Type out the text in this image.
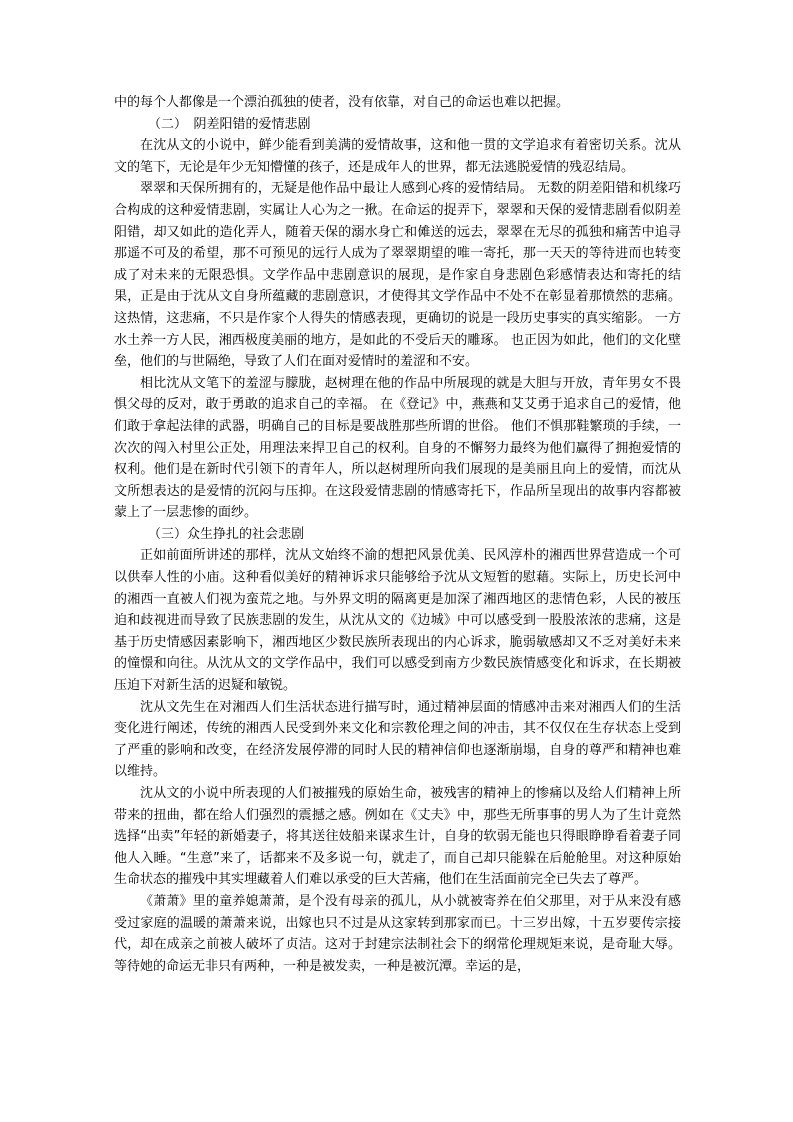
中的每个人都像是一个漂泊孤独的使者，没有依靠，对自己的命运也难以把握。

（二）　阴差阳错的爱情悲剧

在沈从文的小说中，鲜少能看到美满的爱情故事，这和他一贯的文学追求有着密切关系。沈从文的笔下，无论是年少无知懵懂的孩子，还是成年人的世界，都无法逃脱爱情的残忍结局。

翠翠和天保所拥有的，无疑是他作品中最让人感到心疼的爱情结局。 无数的阴差阳错和机缘巧合构成的这种爱情悲剧，实属让人心为之一揪。在命运的捉弄下，翠翠和天保的爱情悲剧看似阴差阳错，却又如此的造化弄人，随着天保的溺水身亡和傩送的远去，翠翠在无尽的孤独和痛苦中追寻那遥不可及的希望，那不可预见的远行人成为了翠翠期望的唯一寄托，那一天天的等待进而也转变成了对未来的无限恐惧。文学作品中悲剧意识的展现，是作家自身悲剧色彩感情表达和寄托的结果，正是由于沈从文自身所蕴藏的悲剧意识，才使得其文学作品中不处不在彰显着那愤然的悲痛。这热情，这悲痛，不只是作家个人得失的情感表现，更确切的说是一段历史事实的真实缩影。 一方水土养一方人民，湘西极度美丽的地方，是如此的不受后天的雕琢。 也正因为如此，他们的文化壁垒，他们的与世隔绝，导致了人们在面对爱情时的羞涩和不安。

相比沈从文笔下的羞涩与朦胧，赵树理在他的作品中所展现的就是大胆与开放，青年男女不畏惧父母的反对，敢于勇敢的追求自己的幸福。 在《登记》中，燕燕和艾艾勇于追求自己的爱情，他们敢于拿起法律的武器，明确自己的目标是要战胜那些所谓的世俗。 他们不惧那鞋繁琐的手续，一次次的闯入村里公正处，用理法来捍卫自己的权利。自身的不懈努力最终为他们赢得了拥抱爱情的权利。他们是在新时代引领下的青年人，所以赵树理所向我们展现的是美丽且向上的爱情，而沈从文所想表达的是爱情的沉闷与压抑。在这段爱情悲剧的情感寄托下，作品所呈现出的故事内容都被蒙上了一层悲惨的面纱。

（三）众生挣扎的社会悲剧

正如前面所讲述的那样，沈从文始终不渝的想把风景优美、民风淳朴的湘西世界营造成一个可以供奉人性的小庙。这种看似美好的精神诉求只能够给予沈从文短暂的慰藉。实际上，历史长河中的湘西一直被人们视为蛮荒之地。与外界文明的隔离更是加深了湘西地区的悲情色彩，人民的被压迫和歧视进而导致了民族悲剧的发生，从沈从文的《边城》中可以感受到一股股浓浓的悲痛，这是基于历史情感因素影响下，湘西地区少数民族所表现出的内心诉求，脆弱敏感却又不乏对美好未来的憧憬和向往。从沈从文的文学作品中，我们可以感受到南方少数民族情感变化和诉求，在长期被压迫下对新生活的迟疑和敏锐。

沈从文先生在对湘西人们生活状态进行描写时，通过精神层面的情感冲击来对湘西人们的生活变化进行阐述，传统的湘西人民受到外来文化和宗教伦理之间的冲击，其不仅仅在生存状态上受到了严重的影响和改变，在经济发展停滞的同时人民的精神信仰也逐渐崩塌，自身的尊严和精神也难以维持。

沈从文的小说中所表现的人们被摧残的原始生命，被残害的精神上的惨痛以及给人们精神上所带来的扭曲，都在给人们强烈的震撼之感。例如在《丈夫》中，那些无所事事的男人为了生计竟然选择“出卖”年轻的新婚妻子，将其送往妓船来谋求生计，自身的软弱无能也只得眼睁睁看着妻子同他人入睡。“生意”来了，话都来不及多说一句，就走了，而自己却只能躲在后舱舱里。对这种原始生命状态的摧残中其实埋藏着人们难以承受的巨大苦痛，他们在生活面前完全已失去了尊严。

《萧萧》里的童养媳萧萧，是个没有母亲的孤儿，从小就被寄养在伯父那里，对于从来没有感受过家庭的温暖的萧萧来说，出嫁也只不过是从这家转到那家而已。十三岁出嫁，十五岁要传宗接代，却在成亲之前被人破坏了贞洁。这对于封建宗法制社会下的纲常伦理规矩来说，是奇耻大辱。等待她的命运无非只有两种，一种是被发卖，一种是被沉潭。幸运的是，
